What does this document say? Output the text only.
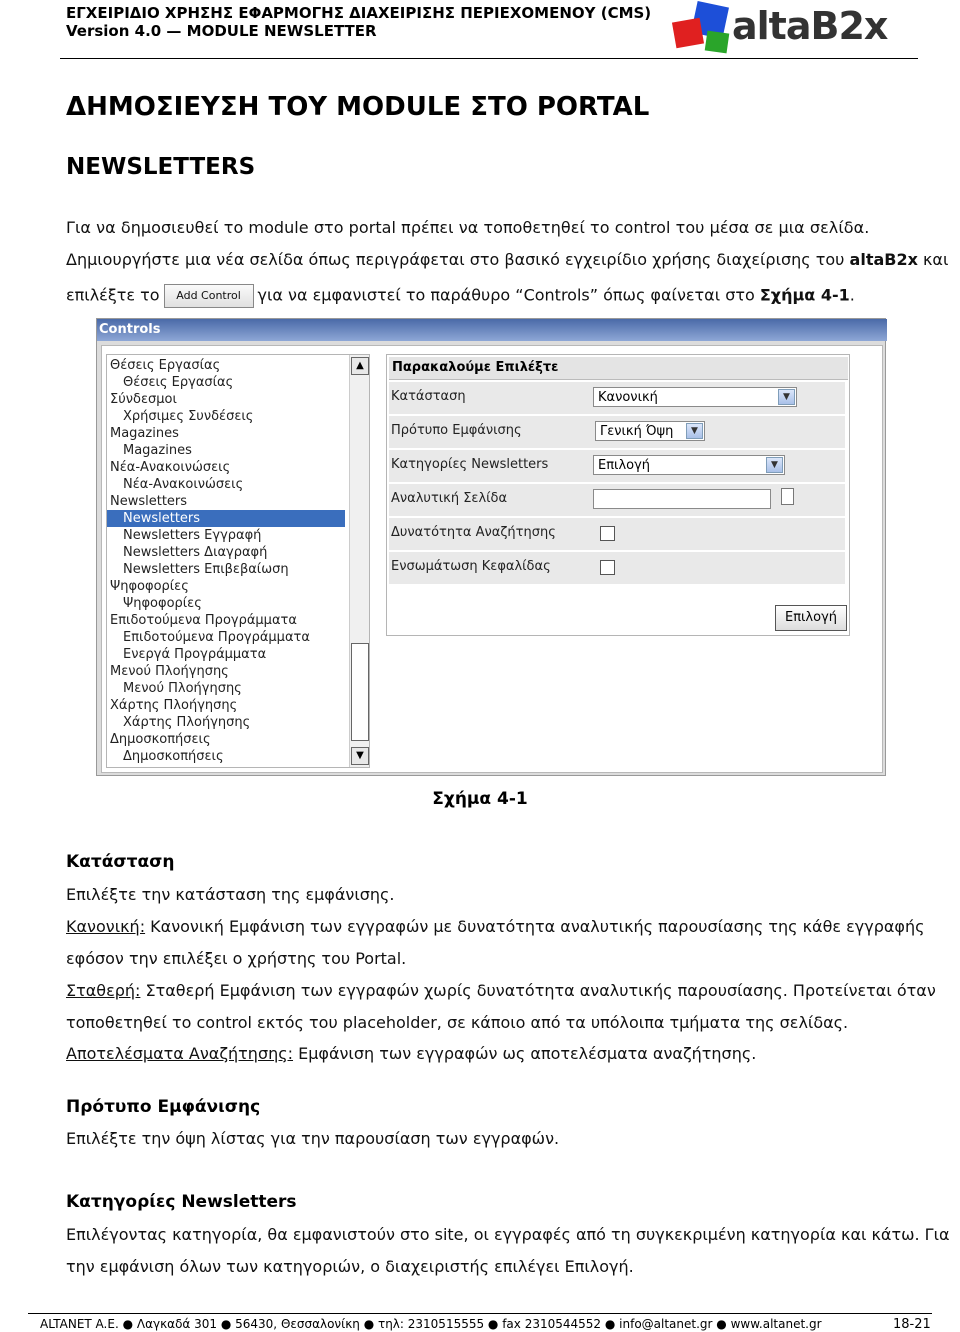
ΕΓΧΕΙΡΙΔΙΟ ΧΡΗΣΗΣ ΕΦΑΡΜΟΓΗΣ ΔΙΑΧΕΙΡΙΣΗΣ ΠΕΡΙΕΧΟΜΕΝΟΥ (CMS)
Version 4.0 — MODULE NEWSLETTER	altaB2x
ΔΗΜΟΣΙΕΥΣΗ ΤΟΥ MODULE ΣΤΟ PORTAL
NEWSLETTERS
Για να δημοσιευθεί το module στο portal πρέπει να τοποθετηθεί το control του μέσα σε μια σελίδα.
Δημιουργήστε μια νέα σελίδα όπως περιγράφεται στο βασικό εγχειρίδιο χρήσης διαχείρισης του altaB2x και
επιλέξτε το Add Control για να εμφανιστεί το παράθυρο “Controls” όπως φαίνεται στο Σχήμα 4-1.
Controls
Θέσεις Εργασίας
Θέσεις Εργασίας
Σύνδεσμοι
Χρήσιμες Συνδέσεις
Magazines
Magazines
Νέα-Ανακοινώσεις
Νέα-Ανακοινώσεις
Newsletters
Newsletters
Newsletters Εγγραφή
Newsletters Διαγραφή
Newsletters Επιβεβαίωση
Ψηφοφορίες
Ψηφοφορίες
Επιδοτούμενα Προγράμματα
Επιδοτούμενα Προγράμματα
Ενεργά Προγράμματα
Μενού Πλοήγησης
Μενού Πλοήγησης
Χάρτης Πλοήγησης
Χάρτης Πλοήγησης
Δημοσκοπήσεις
Δημοσκοπήσεις
▲
▼
Παρακαλούμε Επιλέξτε
Κατάσταση	Κανονική	▼
Πρότυπο Εμφάνισης	Γενική Όψη	▼
Κατηγορίες Newsletters	Επιλογή	▼
Αναλυτική Σελίδα
Δυνατότητα Αναζήτησης
Ενσωμάτωση Κεφαλίδας
Επιλογή
Σχήμα 4-1
Κατάσταση
Επιλέξτε την κατάσταση της εμφάνισης.
Κανονική: Κανονική Εμφάνιση των εγγραφών με δυνατότητα αναλυτικής παρουσίασης της κάθε εγγραφής
εφόσον την επιλέξει ο χρήστης του Portal.
Σταθερή: Σταθερή Εμφάνιση των εγγραφών χωρίς δυνατότητα αναλυτικής παρουσίασης. Προτείνεται όταν
τοποθετηθεί το control εκτός του placeholder, σε κάποιο από τα υπόλοιπα τμήματα της σελίδας.
Αποτελέσματα Αναζήτησης: Εμφάνιση των εγγραφών ως αποτελέσματα αναζήτησης.
Πρότυπο Εμφάνισης
Επιλέξτε την όψη λίστας για την παρουσίαση των εγγραφών.
Κατηγορίες Newsletters
Επιλέγοντας κατηγορία, θα εμφανιστούν στο site, οι εγγραφές από τη συγκεκριμένη κατηγορία και κάτω. Για
την εμφάνιση όλων των κατηγοριών, ο διαχειριστής επιλέγει Επιλογή.
ALTANET A.E. ● Λαγκαδά 301 ● 56430, Θεσσαλονίκη ● τηλ: 2310515555 ● fax 2310544552 ● info@altanet.gr ● www.altanet.gr	18-21
